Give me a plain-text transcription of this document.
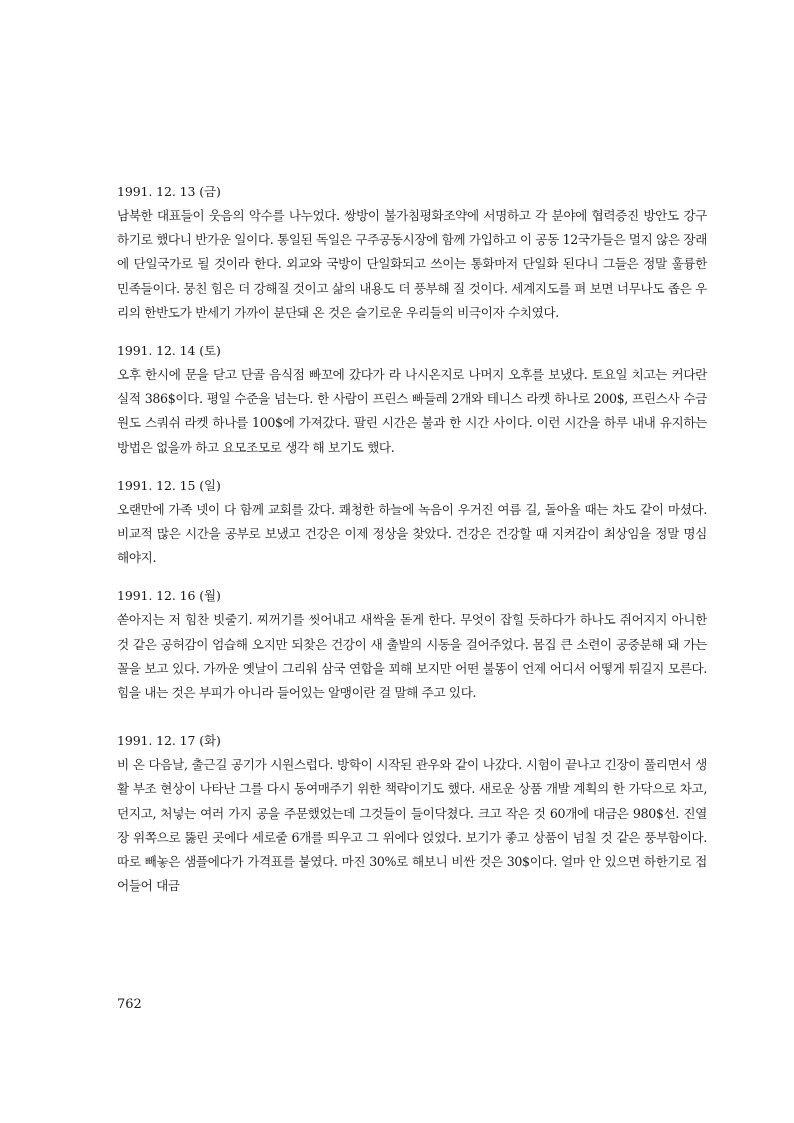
1991. 12. 13 (금)

남북한 대표들이 웃음의 악수를 나누었다. 쌍방이 불가침평화조약에 서명하고 각 분야에 협력증진 방안도 강구하기로 했다니 반가운 일이다. 통일된 독일은 구주공동시장에 함께 가입하고 이 공동 12국가들은 멀지 않은 장래에 단일국가로 될 것이라 한다. 외교와 국방이 단일화되고 쓰이는 통화마저 단일화 된다니 그들은 정말 훌륭한 민족들이다. 뭉친 힘은 더 강해질 것이고 삶의 내용도 더 풍부해 질 것이다. 세계지도를 펴 보면 너무나도 좁은 우리의 한반도가 반세기 가까이 분단돼 온 것은 슬기로운 우리들의 비극이자 수치였다.

1991. 12. 14 (토)

오후 한시에 문을 닫고 단골 음식점 빠꼬에 갔다가 라 나시온지로 나머지 오후를 보냈다. 토요일 치고는 커다란 실적 386$이다. 평일 수준을 넘는다. 한 사람이 프린스 빠들레 2개와 테니스 라켓 하나로 200$, 프린스사 수금원도 스쿼쉬 라켓 하나를 100$에 가져갔다. 팔린 시간은 불과 한 시간 사이다. 이런 시간을 하루 내내 유지하는 방법은 없을까 하고 요모조모로 생각 해 보기도 했다.

1991. 12. 15 (일)

오랜만에 가족 넷이 다 함께 교회를 갔다. 쾌청한 하늘에 녹음이 우거진 여름 길, 돌아올 때는 차도 같이 마셨다. 비교적 많은 시간을 공부로 보냈고 건강은 이제 정상을 찾았다. 건강은 건강할 때 지켜감이 최상임을 정말 명심해야지.

1991. 12. 16 (월)

쏟아지는 저 힘찬 빗줄기. 찌꺼기를 씻어내고 새싹을 돋게 한다. 무엇이 잡힐 듯하다가 하나도 쥐어지지 아니한 것 같은 공허감이 엄습해 오지만 되찾은 건강이 새 출발의 시동을 걸어주었다. 몸집 큰 소련이 공중분해 돼 가는 꼴을 보고 있다. 가까운 옛날이 그리워 삼국 연합을 꾀해 보지만 어떤 불똥이 언제 어디서 어떻게 튀길지 모른다. 힘을 내는 것은 부피가 아니라 들어있는 알맹이란 걸 말해 주고 있다.

1991. 12. 17 (화)

비 온 다음날, 출근길 공기가 시원스럽다. 방학이 시작된 관우와 같이 나갔다. 시험이 끝나고 긴장이 풀리면서 생활 부조 현상이 나타난 그를 다시 동여매주기 위한 책략이기도 했다. 새로운 상품 개발 계획의 한 가닥으로 차고, 던지고, 처넣는 여러 가지 공을 주문했었는데 그것들이 들이닥쳤다. 크고 작은 것 60개에 대금은 980$선. 진열장 위쪽으로 뚫린 곳에다 세로줄 6개를 띄우고 그 위에다 얹었다. 보기가 좋고 상품이 넘칠 것 같은 풍부함이다. 따로 빼놓은 샘플에다가 가격표를 붙였다. 마진 30%로 해보니 비싼 것은 30$이다. 얼마 안 있으면 하한기로 접어들어 대금

762
